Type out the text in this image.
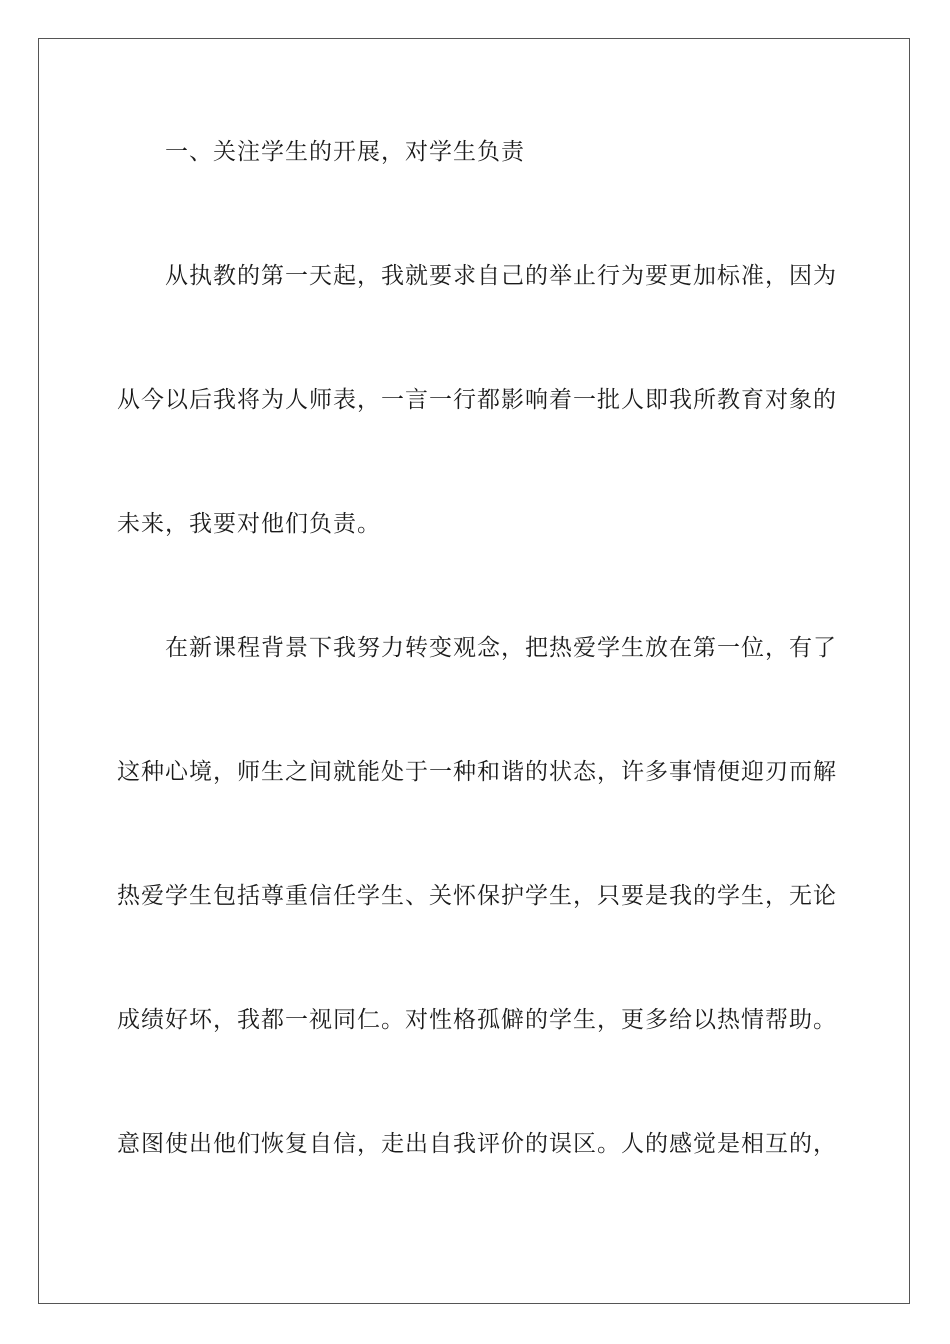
一、关注学生的开展，对学生负责
从执教的第一天起，我就要求自己的举止行为要更加标准，因为
从今以后我将为人师表，一言一行都影响着一批人即我所教育对象的
未来，我要对他们负责。
在新课程背景下我努力转变观念，把热爱学生放在第一位，有了
这种心境，师生之间就能处于一种和谐的状态，许多事情便迎刃而解
热爱学生包括尊重信任学生、关怀保护学生，只要是我的学生，无论
成绩好坏，我都一视同仁。对性格孤僻的学生，更多给以热情帮助。
意图使出他们恢复自信，走出自我评价的误区。人的感觉是相互的，
